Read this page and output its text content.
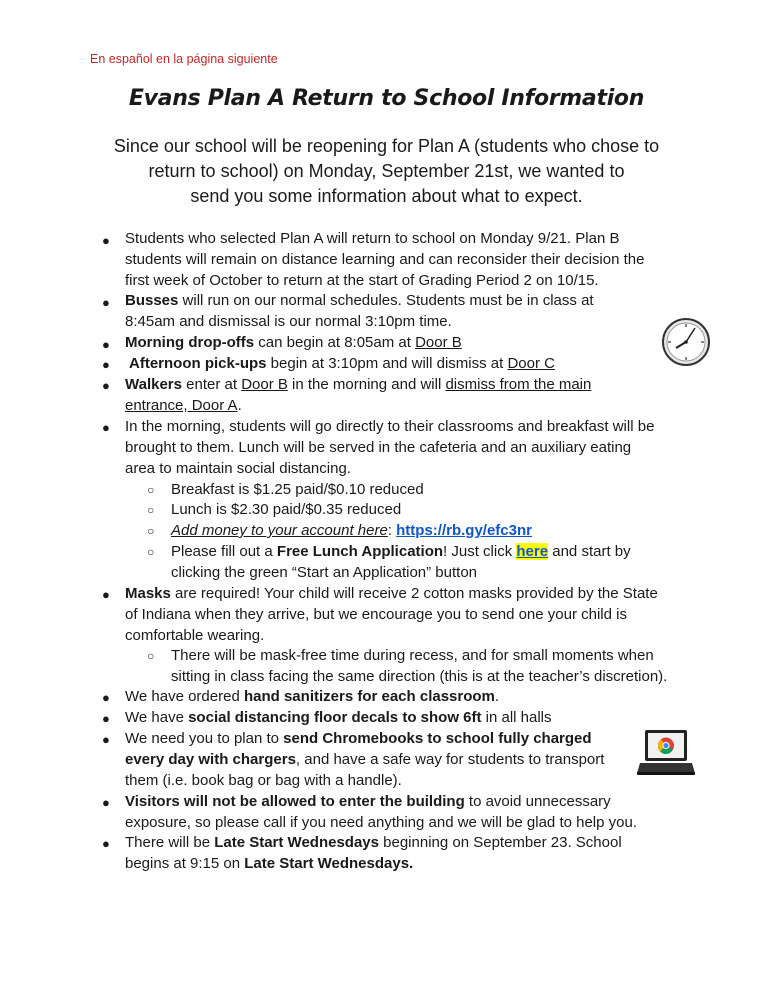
En español en la página siguiente
Evans Plan A Return to School Information
Since our school will be reopening for Plan A (students who chose to
return to school) on Monday, September 21st, we wanted to
send you some information about what to expect.
●
●
●
●
●
●
●
●
●
●
●
●
○
○
○
○
○
Students who selected Plan A will return to school on Monday 9/21. Plan B
students will remain on distance learning and can reconsider their decision the
first week of October to return at the start of Grading Period 2 on 10/15.
Busses will run on our normal schedules. Students must be in class at
8:45am and dismissal is our normal 3:10pm time.
Morning drop-offs can begin at 8:05am at Door B
Afternoon pick-ups begin at 3:10pm and will dismiss at Door C
Walkers enter at Door B in the morning and will dismiss from the main
entrance, Door A.
In the morning, students will go directly to their classrooms and breakfast will be
brought to them. Lunch will be served in the cafeteria and an auxiliary eating
area to maintain social distancing.
Breakfast is $1.25 paid/$0.10 reduced
Lunch is $2.30 paid/$0.35 reduced
Add money to your account here: https://rb.gy/efc3nr
Please fill out a Free Lunch Application! Just click here and start by
clicking the green “Start an Application” button
Masks are required! Your child will receive 2 cotton masks provided by the State
of Indiana when they arrive, but we encourage you to send one your child is
comfortable wearing.
There will be mask-free time during recess, and for small moments when
sitting in class facing the same direction (this is at the teacher’s discretion).
We have ordered hand sanitizers for each classroom.
We have social distancing floor decals to show 6ft in all halls
We need you to plan to send Chromebooks to school fully charged
every day with chargers, and have a safe way for students to transport
them (i.e. book bag or bag with a handle).
Visitors will not be allowed to enter the building to avoid unnecessary
exposure, so please call if you need anything and we will be glad to help you.
There will be Late Start Wednesdays beginning on September 23. School
begins at 9:15 on Late Start Wednesdays.
